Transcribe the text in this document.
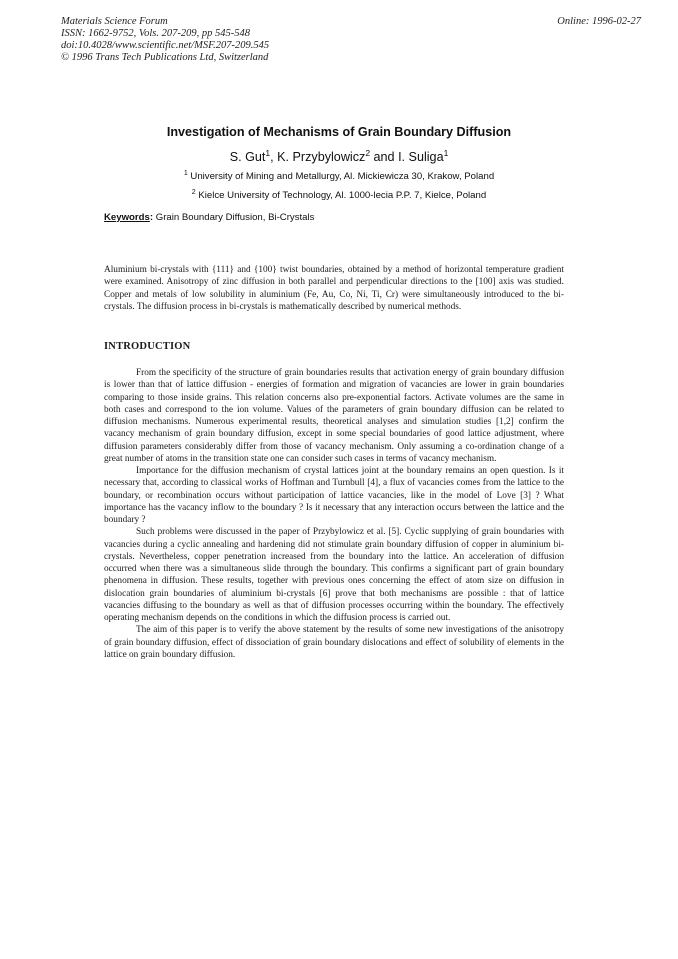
Materials Science Forum
ISSN: 1662-9752, Vols. 207-209, pp 545-548
doi:10.4028/www.scientific.net/MSF.207-209.545
© 1996 Trans Tech Publications Ltd, Switzerland
Online: 1996-02-27
Investigation of Mechanisms of Grain Boundary Diffusion
S. Gut$^1$, K. Przybylowicz$^2$ and I. Suliga$^1$
$^1$ University of Mining and Metallurgy, Al. Mickiewicza 30, Krakow, Poland
$^2$ Kielce University of Technology, Al. 1000-lecia P.P. 7, Kielce, Poland
Keywords: Grain Boundary Diffusion, Bi-Crystals

Aluminium bi-crystals with {111} and {100} twist boundaries, obtained by a method of horizontal temperature gradient were examined. Anisotropy of zinc diffusion in both parallel and perpendicular directions to the [100] axis was studied. Copper and metals of low solubility in aluminium (Fe, Au, Co, Ni, Ti, Cr) were simultaneously introduced to the bi-crystals. The diffusion process in bi-crystals is mathematically described by numerical methods.

INTRODUCTION

From the specificity of the structure of grain boundaries results that activation energy of grain boundary diffusion is lower than that of lattice diffusion - energies of formation and migration of vacancies are lower in grain boundaries comparing to those inside grains. This relation concerns also pre-exponential factors. Activate volumes are the same in both cases and correspond to the ion volume. Values of the parameters of grain boundary diffusion can be related to diffusion mechanisms. Numerous experimental results, theoretical analyses and simulation studies [1,2] confirm the vacancy mechanism of grain boundary diffusion, except in some special boundaries of good lattice adjustment, where diffusion parameters considerably differ from those of vacancy mechanism. Only assuming a co-ordination change of a great number of atoms in the transition state one can consider such cases in terms of vacancy mechanism.

Importance for the diffusion mechanism of crystal lattices joint at the boundary remains an open question. Is it necessary that, according to classical works of Hoffman and Turnbull [4], a flux of vacancies comes from the lattice to the boundary, or recombination occurs without participation of lattice vacancies, like in the model of Love [3] ? What importance has the vacancy inflow to the boundary ? Is it necessary that any interaction occurs between the lattice and the boundary ?

Such problems were discussed in the paper of Przybylowicz et al. [5]. Cyclic supplying of grain boundaries with vacancies during a cyclic annealing and hardening did not stimulate grain boundary diffusion of copper in aluminium bi-crystals. Nevertheless, copper penetration increased from the boundary into the lattice. An acceleration of diffusion occurred when there was a simultaneous slide through the boundary. This confirms a significant part of grain boundary phenomena in diffusion. These results, together with previous ones concerning the effect of atom size on diffusion in dislocation grain boundaries of aluminium bi-crystals [6] prove that both mechanisms are possible : that of lattice vacancies diffusing to the boundary as well as that of diffusion processes occurring within the boundary. The effectively operating mechanism depends on the conditions in which the diffusion process is carried out.

The aim of this paper is to verify the above statement by the results of some new investigations of the anisotropy of grain boundary diffusion, effect of dissociation of grain boundary dislocations and effect of solubility of elements in the lattice on grain boundary diffusion.
